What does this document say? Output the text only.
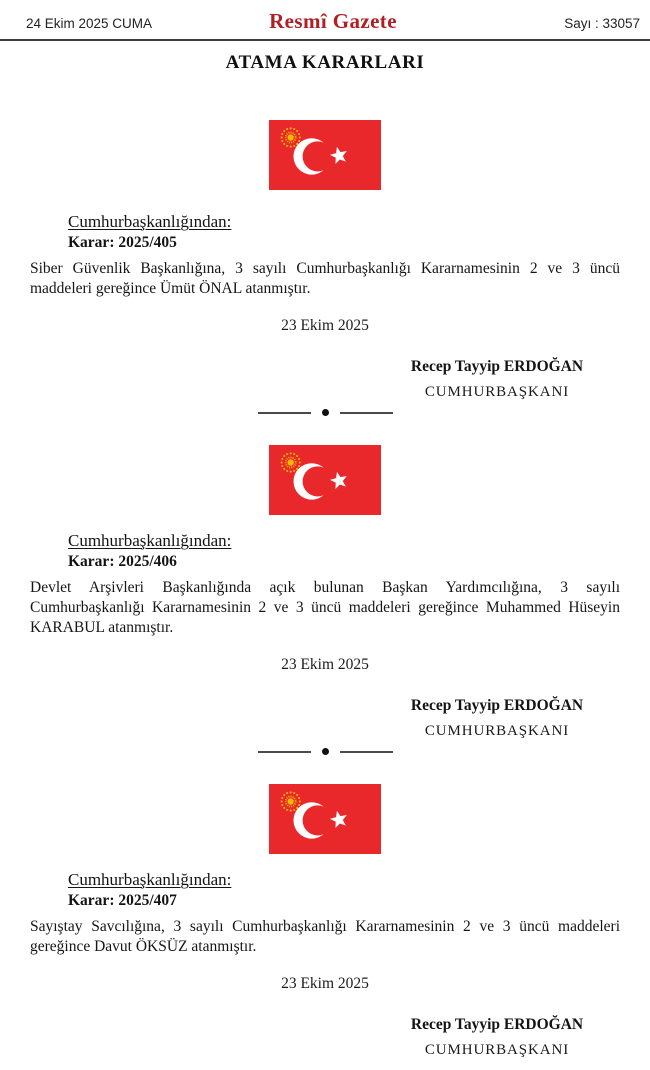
24 Ekim 2025 CUMA	Resmî Gazete	Sayı : 33057
ATAMA KARARLARI
Cumhurbaşkanlığından:
Karar: 2025/405

Siber Güvenlik Başkanlığına, 3 sayılı Cumhurbaşkanlığı Kararnamesinin 2 ve 3 üncü maddeleri gereğince Ümüt ÖNAL atanmıştır.

23 Ekim 2025
Recep Tayyip ERDOĞAN
CUMHURBAŞKANI
Cumhurbaşkanlığından:
Karar: 2025/406

Devlet Arşivleri Başkanlığında açık bulunan Başkan Yardımcılığına, 3 sayılı Cumhurbaşkanlığı Kararnamesinin 2 ve 3 üncü maddeleri gereğince Muhammed Hüseyin KARABUL atanmıştır.

23 Ekim 2025
Recep Tayyip ERDOĞAN
CUMHURBAŞKANI
Cumhurbaşkanlığından:
Karar: 2025/407

Sayıştay Savcılığına, 3 sayılı Cumhurbaşkanlığı Kararnamesinin 2 ve 3 üncü maddeleri gereğince Davut ÖKSÜZ atanmıştır.

23 Ekim 2025
Recep Tayyip ERDOĞAN
CUMHURBAŞKANI
